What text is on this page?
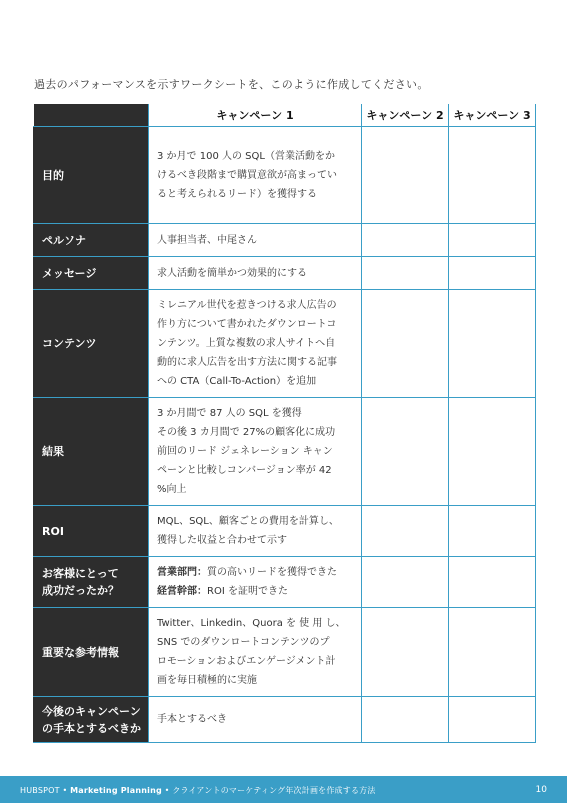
過去のパフォーマンスを示すワークシートを、このように作成してください。
	キャンペーン 1	キャンペーン 2	キャンペーン 3
目的	3 か月で 100 人の SQL（営業活動をか
けるべき段階まで購買意欲が高まってい
ると考えられるリード）を獲得する		

ペルソナ	人事担当者、中尾さん		

メッセージ	求人活動を簡単かつ効果的にする		

コンテンツ	ミレニアル世代を惹きつける求人広告の
作り方について書かれたダウンロートコ
ンテンツ。上質な複数の求人サイトへ自
動的に求人広告を出す方法に関する記事
への CTA（Call-To-Action）を追加		

結果	3 か月間で 87 人の SQL を獲得
その後 3 カ月間で 27%の顧客化に成功
前回のリード ジェネレーション キャン
ペーンと比較しコンバージョン率が 42
%向上		

ROI	MQL、SQL、顧客ごとの費用を計算し、
獲得した収益と合わせて示す		

お客様にとって
成功だったか？	営業部門：質の高いリードを獲得できた
経営幹部：ROI を証明できた		

重要な参考情報	Twitter、Linkedin、Quora を 使 用 し、
SNS でのダウンロートコンテンツのプ
ロモーションおよびエンゲージメント計
画を毎日積極的に実施		

今後のキャンペーン
の手本とするべきか	手本とするべき		

HUBSPOT • Marketing Planning • クライアントのマーケティング年次計画を作成する方法	10
